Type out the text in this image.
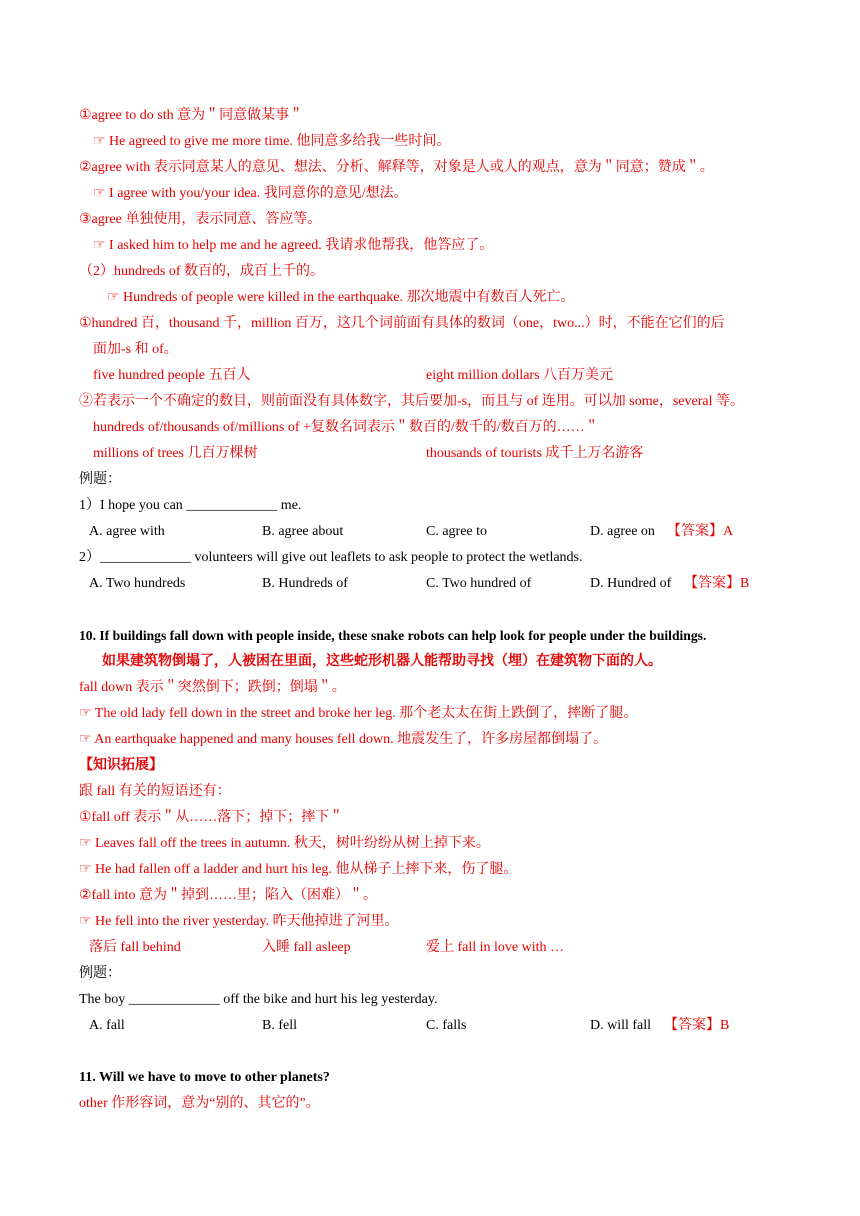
①agree to do sth 意为＂同意做某事＂
☞ He agreed to give me more time. 他同意多给我一些时间。
②agree with 表示同意某人的意见、想法、分析、解释等，对象是人或人的观点，意为＂同意；赞成＂。
☞ I agree with you/your idea. 我同意你的意见/想法。
③agree 单独使用，表示同意、答应等。
☞ I asked him to help me and he agreed. 我请求他帮我，他答应了。
（2）hundreds of 数百的，成百上千的。
☞ Hundreds of people were killed in the earthquake. 那次地震中有数百人死亡。
①hundred 百，thousand 千，million 百万，这几个词前面有具体的数词（one，two...）时，不能在它们的后
面加-s 和 of。
five hundred people 五百人	eight million dollars 八百万美元
②若表示一个不确定的数目，则前面没有具体数字，其后要加-s，而且与 of 连用。可以加 some，several 等。
hundreds of/thousands of/millions of +复数名词表示＂数百的/数千的/数百万的……＂
millions of trees 几百万棵树	thousands of tourists 成千上万名游客
例题：
1）I hope you can _____________ me.
A. agree with	B. agree about	C. agree to	D. agree on 【答案】A
2）_____________ volunteers will give out leaflets to ask people to protect the wetlands.
A. Two hundreds	B. Hundreds of	C. Two hundred of	D. Hundred of 【答案】B
10. If buildings fall down with people inside, these snake robots can help look for people under the buildings.
如果建筑物倒塌了，人被困在里面，这些蛇形机器人能帮助寻找（埋）在建筑物下面的人。
fall down 表示＂突然倒下；跌倒；倒塌＂。
☞ The old lady fell down in the street and broke her leg. 那个老太太在街上跌倒了，摔断了腿。
☞ An earthquake happened and many houses fell down. 地震发生了，许多房屋都倒塌了。
【知识拓展】
跟 fall 有关的短语还有：
①fall off 表示＂从……落下；掉下；摔下＂
☞ Leaves fall off the trees in autumn. 秋天，树叶纷纷从树上掉下来。
☞ He had fallen off a ladder and hurt his leg. 他从梯子上摔下来，伤了腿。
②fall into 意为＂掉到……里；陷入（困难）＂。
☞ He fell into the river yesterday. 昨天他掉进了河里。
落后 fall behind	入睡 fall asleep	爱上 fall in love with …
例题：
The boy _____________ off the bike and hurt his leg yesterday.
A. fall	B. fell	C. falls	D. will fall 【答案】B
11. Will we have to move to other planets?
other 作形容词，意为“别的、其它的”。
